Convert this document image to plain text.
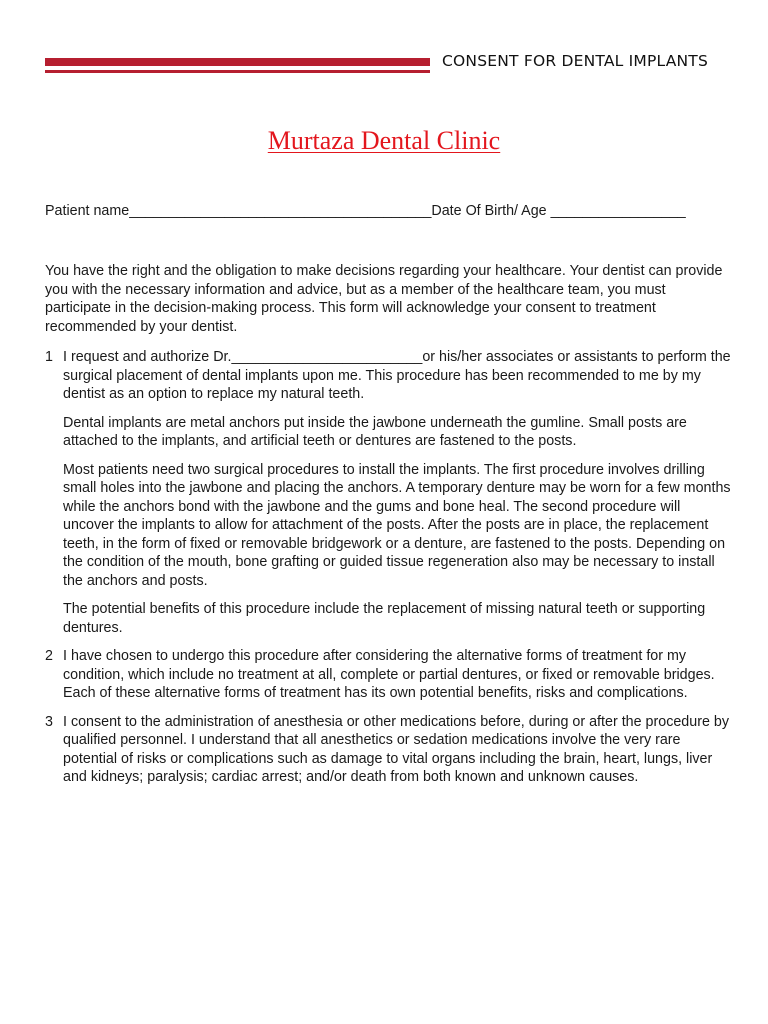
CONSENT FOR DENTAL IMPLANTS
Murtaza Dental Clinic
Patient name______________________________________Date Of Birth/ Age _________________
You have the right and the obligation to make decisions regarding your healthcare. Your dentist can provide you with the necessary information and advice, but as a member of the healthcare team, you must participate in the decision-making process. This form will acknowledge your consent to treatment recommended by your dentist.
1 I request and authorize Dr.________________________or his/her associates or assistants to perform the surgical placement of dental implants upon me. This procedure has been recommended to me by my dentist as an option to replace my natural teeth.

Dental implants are metal anchors put inside the jawbone underneath the gumline. Small posts are attached to the implants, and artificial teeth or dentures are fastened to the posts.

Most patients need two surgical procedures to install the implants. The first procedure involves drilling small holes into the jawbone and placing the anchors. A temporary denture may be worn for a few months while the anchors bond with the jawbone and the gums and bone heal. The second procedure will uncover the implants to allow for attachment of the posts. After the posts are in place, the replacement teeth, in the form of fixed or removable bridgework or a denture, are fastened to the posts. Depending on the condition of the mouth, bone grafting or guided tissue regeneration also may be necessary to install the anchors and posts.

The potential benefits of this procedure include the replacement of missing natural teeth or supporting dentures.

2 I have chosen to undergo this procedure after considering the alternative forms of treatment for my condition, which include no treatment at all, complete or partial dentures, or fixed or removable bridges. Each of these alternative forms of treatment has its own potential benefits, risks and complications.

3 I consent to the administration of anesthesia or other medications before, during or after the procedure by qualified personnel. I understand that all anesthetics or sedation medications involve the very rare potential of risks or complications such as damage to vital organs including the brain, heart, lungs, liver and kidneys; paralysis; cardiac arrest; and/or death from both known and unknown causes.
